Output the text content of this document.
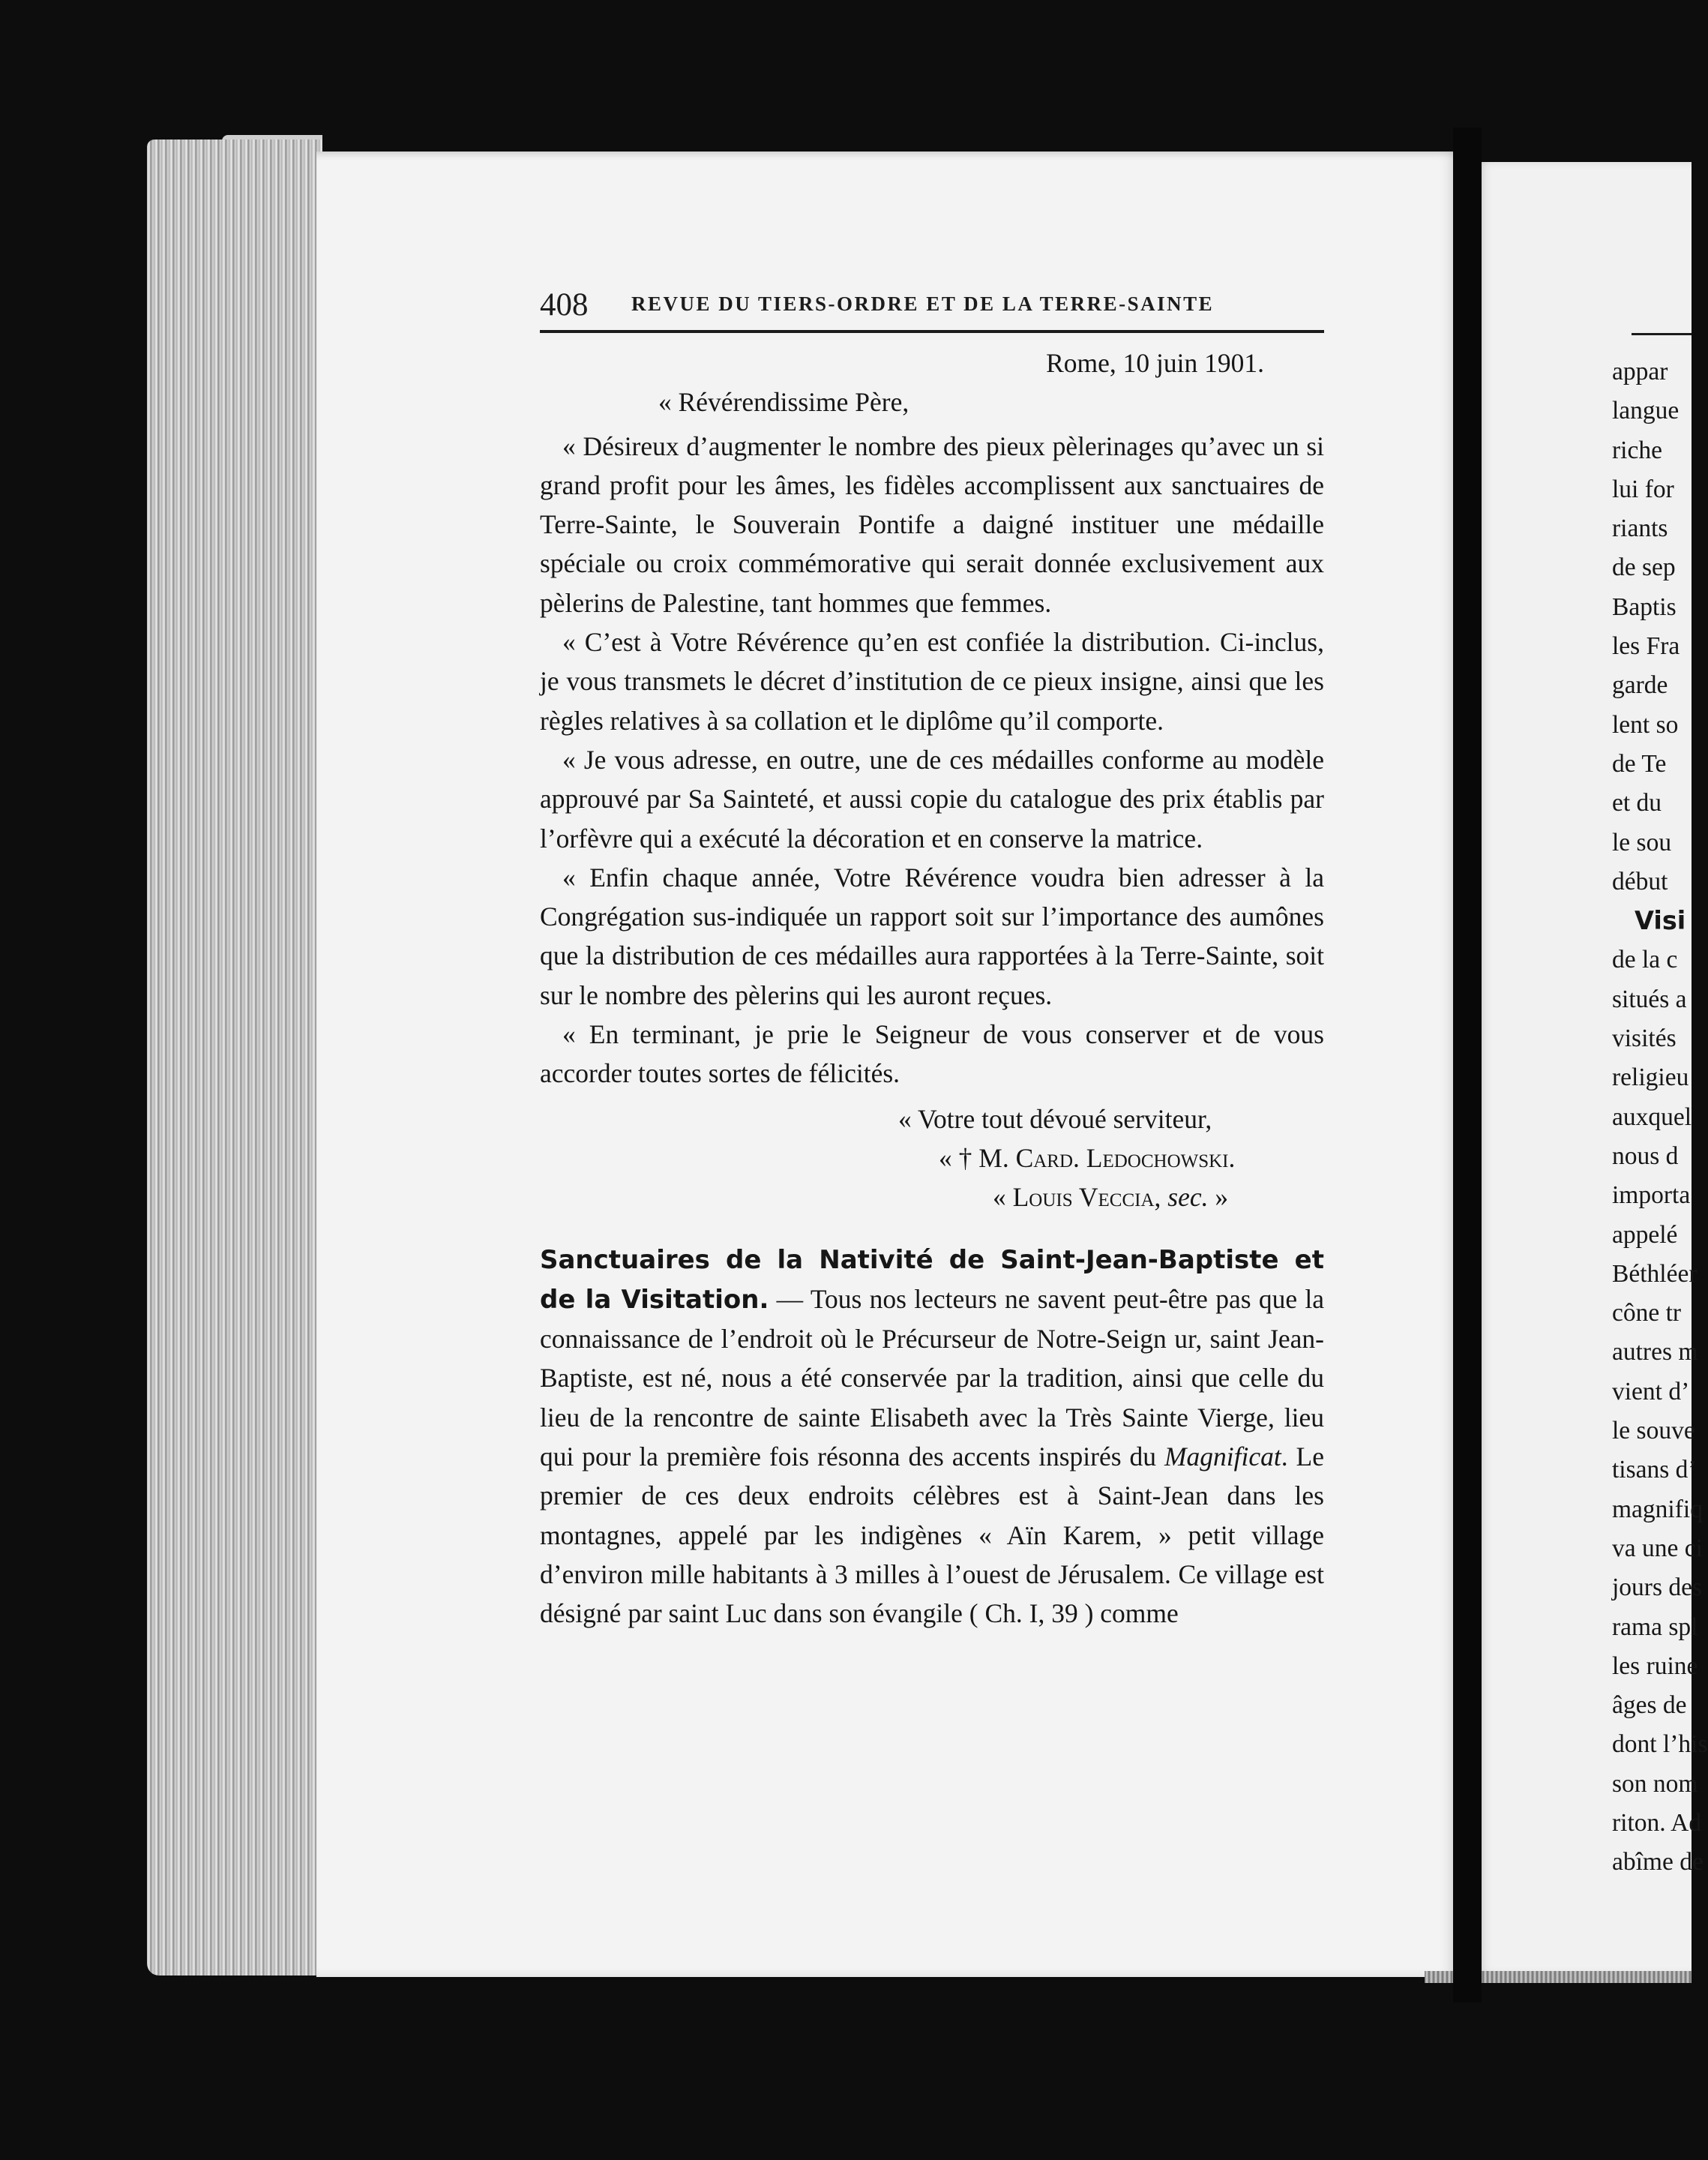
408 REVUE DU TIERS-ORDRE ET DE LA TERRE-SAINTE

Rome, 10 juin 1901.

« Révérendissime Père,

« Désireux d’augmenter le nombre des pieux pèlerinages qu’avec un si grand profit pour les âmes, les fidèles accomplissent aux sanctuaires de Terre-Sainte, le Souverain Pontife a daigné instituer une médaille spéciale ou croix commémorative qui serait donnée exclusivement aux pèlerins de Palestine, tant hommes que femmes.

« C’est à Votre Révérence qu’en est confiée la distribution. Ci-inclus, je vous transmets le décret d’institution de ce pieux insigne, ainsi que les règles relatives à sa collation et le diplôme qu’il comporte.

« Je vous adresse, en outre, une de ces médailles conforme au modèle approuvé par Sa Sainteté, et aussi copie du catalogue des prix établis par l’orfèvre qui a exécuté la décoration et en conserve la matrice.

« Enfin chaque année, Votre Révérence voudra bien adresser à la Congrégation sus-indiquée un rapport soit sur l’importance des aumônes que la distribution de ces médailles aura rapportées à la Terre-Sainte, soit sur le nombre des pèlerins qui les auront reçues.

« En terminant, je prie le Seigneur de vous conserver et de vous accorder toutes sortes de félicités.

« Votre tout dévoué serviteur,

« † M. Card. Ledochowski.

« Louis Veccia, sec. »

Sanctuaires de la Nativité de Saint-Jean-Baptiste et de la Visitation. — Tous nos lecteurs ne savent peut-être pas que la connaissance de l’endroit où le Précurseur de Notre-Seign ur, saint Jean-Baptiste, est né, nous a été conservée par la tradition, ainsi que celle du lieu de la rencontre de sainte Elisabeth avec la Très Sainte Vierge, lieu qui pour la première fois résonna des accents inspirés du Magnificat. Le premier de ces deux endroits célèbres est à Saint-Jean dans les montagnes, appelé par les indigènes « Aïn Karem, » petit village d’environ mille habitants à 3 milles à l’ouest de Jérusalem. Ce village est désigné par saint Luc dans son évangile ( Ch. I, 39 ) comme

appar
langue
riche
lui for
riants
de sep
Baptis
les Fra
garde
lent so
de Te
et du
le sou
début
Visi
de la c
situés a
visités
religieu
auxquel
nous d
importa
appelé
Béthléer
cône tr
autres m
vient d’
le souve
tisans d’
magnifiq
va une ci
jours des
rama spl
les ruine
âges de
dont l’his
son nom
riton. Ad
abîme de
